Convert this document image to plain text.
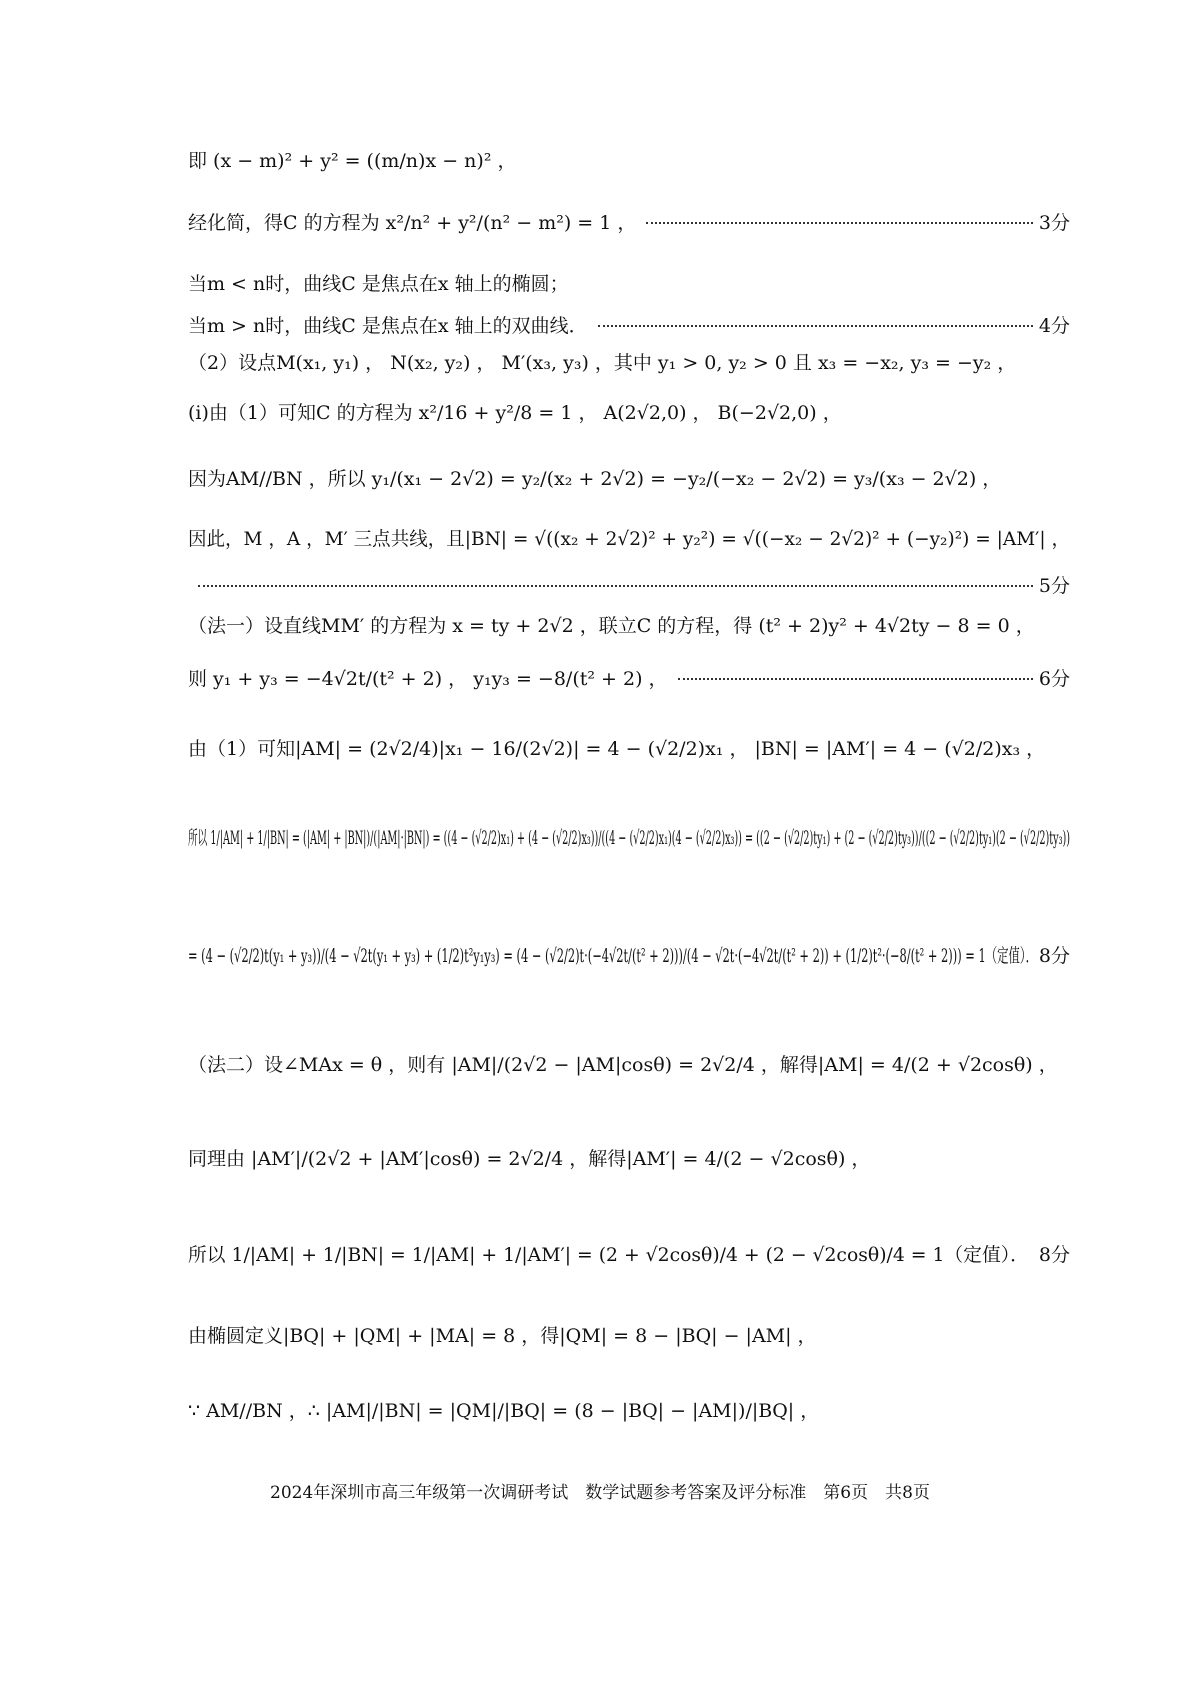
即 (x − m)² + y² = ((m/n)x − n)² ，
经化简，得C 的方程为 x²/n² + y²/(n² − m²) = 1 ，	3分
当m < n时，曲线C 是焦点在x 轴上的椭圆；
当m > n时，曲线C 是焦点在x 轴上的双曲线．	4分
（2）设点M(x₁, y₁) ， N(x₂, y₂) ， M′(x₃, y₃) ，其中 y₁ > 0, y₂ > 0 且 x₃ = −x₂, y₃ = −y₂ ，
(i)由（1）可知C 的方程为 x²/16 + y²/8 = 1 ， A(2√2,0) ， B(−2√2,0) ，
因为AM//BN ，所以 y₁/(x₁ − 2√2) = y₂/(x₂ + 2√2) = −y₂/(−x₂ − 2√2) = y₃/(x₃ − 2√2) ，
因此，M ，A ，M′ 三点共线，且|BN| = √((x₂ + 2√2)² + y₂²) = √((−x₂ − 2√2)² + (−y₂)²) = |AM′| ，
5分
（法一）设直线MM′ 的方程为 x = ty + 2√2 ，联立C 的方程，得 (t² + 2)y² + 4√2ty − 8 = 0 ，
则 y₁ + y₃ = −4√2t/(t² + 2) ， y₁y₃ = −8/(t² + 2) ，	6分
由（1）可知|AM| = (2√2/4)|x₁ − 16/(2√2)| = 4 − (√2/2)x₁ ， |BN| = |AM′| = 4 − (√2/2)x₃ ，
所以 1/|AM| + 1/|BN| = (|AM| + |BN|)/(|AM|·|BN|) = ((4 − (√2/2)x₁) + (4 − (√2/2)x₃))/((4 − (√2/2)x₁)(4 − (√2/2)x₃)) = ((2 − (√2/2)ty₁) + (2 − (√2/2)ty₃))/((2 − (√2/2)ty₁)(2 − (√2/2)ty₃))
= (4 − (√2/2)t(y₁ + y₃))/(4 − √2t(y₁ + y₃) + (1/2)t²y₁y₃) = (4 − (√2/2)t·(−4√2t/(t² + 2)))/(4 − √2t·(−4√2t/(t² + 2)) + (1/2)t²·(−8/(t² + 2))) = 1（定值）． 8分
（法二）设∠MAx = θ ，则有 |AM|/(2√2 − |AM|cosθ) = 2√2/4 ，解得|AM| = 4/(2 + √2cosθ) ，
同理由 |AM′|/(2√2 + |AM′|cosθ) = 2√2/4 ，解得|AM′| = 4/(2 − √2cosθ) ，
所以 1/|AM| + 1/|BN| = 1/|AM| + 1/|AM′| = (2 + √2cosθ)/4 + (2 − √2cosθ)/4 = 1（定值）． 8分
由椭圆定义|BQ| + |QM| + |MA| = 8 ，得|QM| = 8 − |BQ| − |AM| ，
∵ AM//BN ，∴ |AM|/|BN| = |QM|/|BQ| = (8 − |BQ| − |AM|)/|BQ| ，
2024年深圳市高三年级第一次调研考试　数学试题参考答案及评分标准　第6页　共8页
